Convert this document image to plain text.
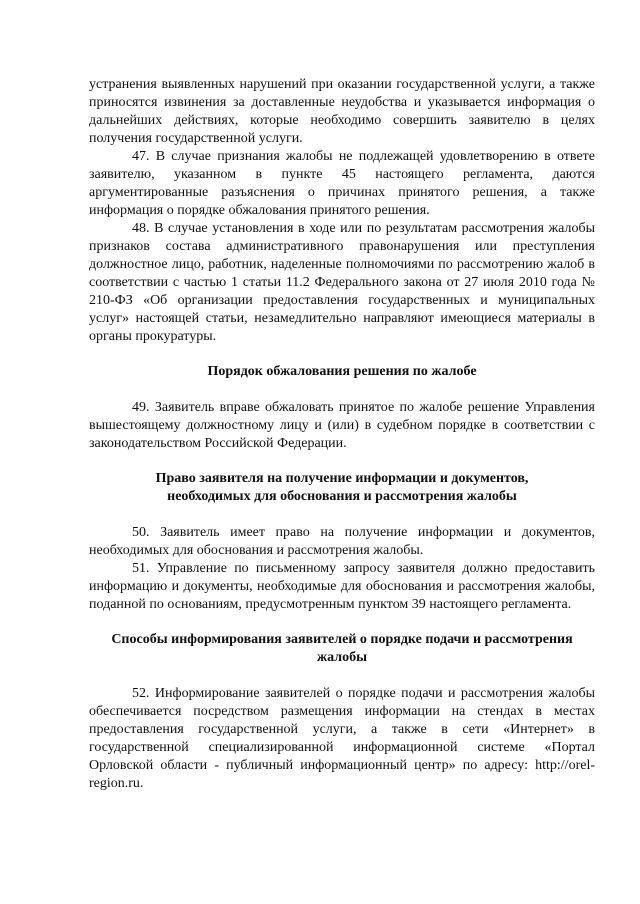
устранения выявленных нарушений при оказании государственной услуги, а также приносятся извинения за доставленные неудобства и указывается информация о дальнейших действиях, которые необходимо совершить заявителю в целях получения государственной услуги.

47. В случае признания жалобы не подлежащей удовлетворению в ответе заявителю, указанном в пункте 45 настоящего регламента, даются аргументированные разъяснения о причинах принятого решения, а также информация о порядке обжалования принятого решения.

48. В случае установления в ходе или по результатам рассмотрения жалобы признаков состава административного правонарушения или преступления должностное лицо, работник, наделенные полномочиями по рассмотрению жалоб в соответствии с частью 1 статьи 11.2 Федерального закона от 27 июля 2010 года № 210-ФЗ «Об организации предоставления государственных и муниципальных услуг» настоящей статьи, незамедлительно направляют имеющиеся материалы в органы прокуратуры.

Порядок обжалования решения по жалобе

49. Заявитель вправе обжаловать принятое по жалобе решение Управления вышестоящему должностному лицу и (или) в судебном порядке в соответствии с законодательством Российской Федерации.

Право заявителя на получение информации и документов,
необходимых для обоснования и рассмотрения жалобы

50. Заявитель имеет право на получение информации и документов, необходимых для обоснования и рассмотрения жалобы.

51. Управление по письменному запросу заявителя должно предоставить информацию и документы, необходимые для обоснования и рассмотрения жалобы, поданной по основаниям, предусмотренным пунктом 39 настоящего регламента.

Способы информирования заявителей о порядке подачи и рассмотрения
жалобы

52. Информирование заявителей о порядке подачи и рассмотрения жалобы обеспечивается посредством размещения информации на стендах в местах предоставления государственной услуги, а также в сети «Интернет» в государственной специализированной информационной системе «Портал Орловской области - публичный информационный центр» по адресу: http://orel-region.ru.
